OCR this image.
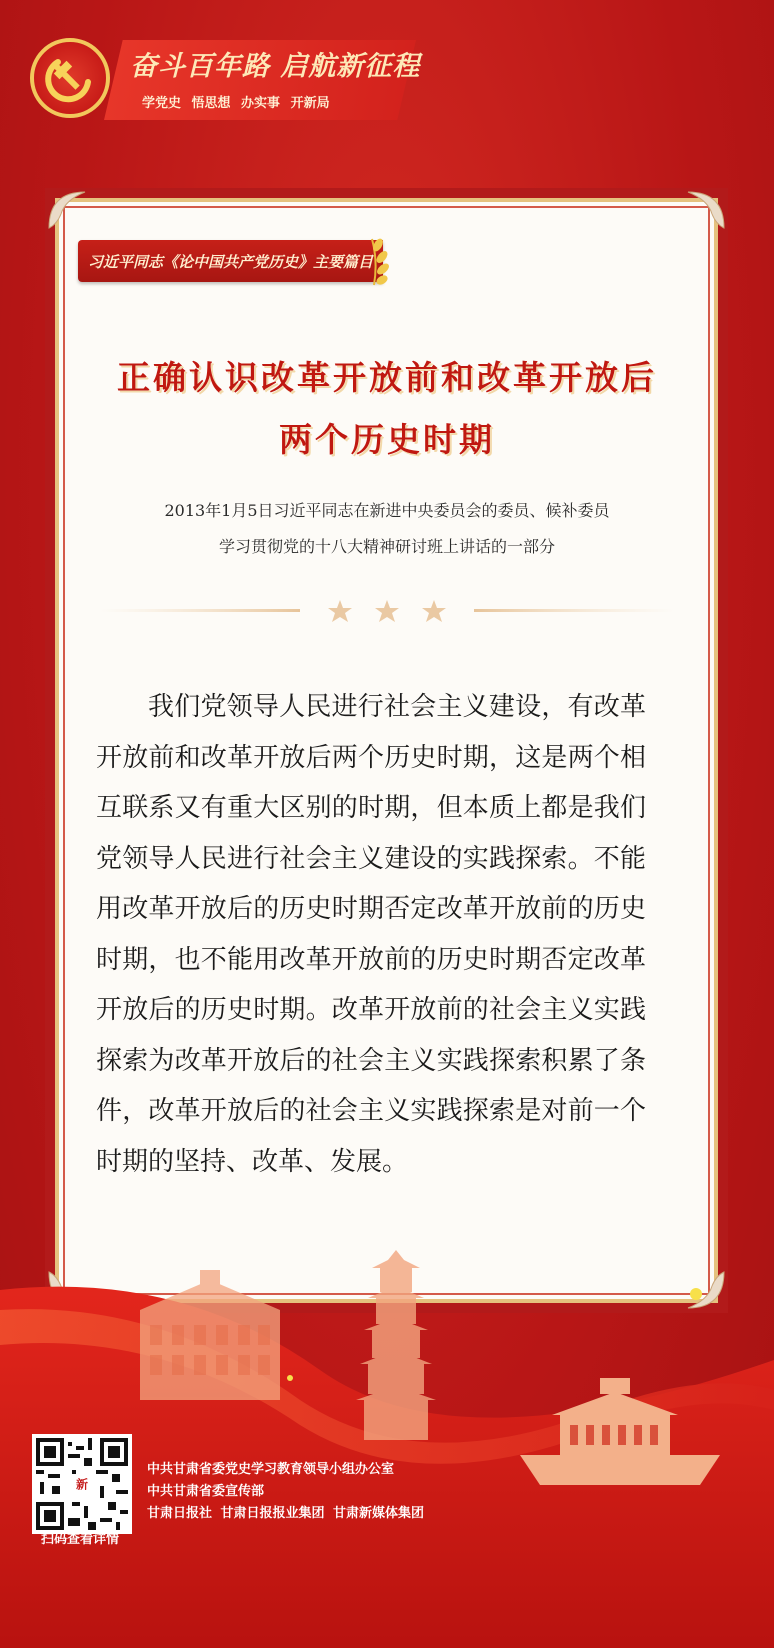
奋斗百年路 启航新征程
学党史 悟思想 办实事 开新局
习近平同志《论中国共产党历史》主要篇目
正确认识改革开放前和改革开放后
两个历史时期
2013年1月5日习近平同志在新进中央委员会的委员、候补委员
学习贯彻党的十八大精神研讨班上讲话的一部分
我们党领导人民进行社会主义建设，有改革开放前和改革开放后两个历史时期，这是两个相互联系又有重大区别的时期，但本质上都是我们党领导人民进行社会主义建设的实践探索。不能用改革开放后的历史时期否定改革开放前的历史时期，也不能用改革开放前的历史时期否定改革开放后的历史时期。改革开放前的社会主义实践探索为改革开放后的社会主义实践探索积累了条件，改革开放后的社会主义实践探索是对前一个时期的坚持、改革、发展。
新
扫码查看详情
中共甘肃省委党史学习教育领导小组办公室
中共甘肃省委宣传部
甘肃日报社 甘肃日报报业集团 甘肃新媒体集团
